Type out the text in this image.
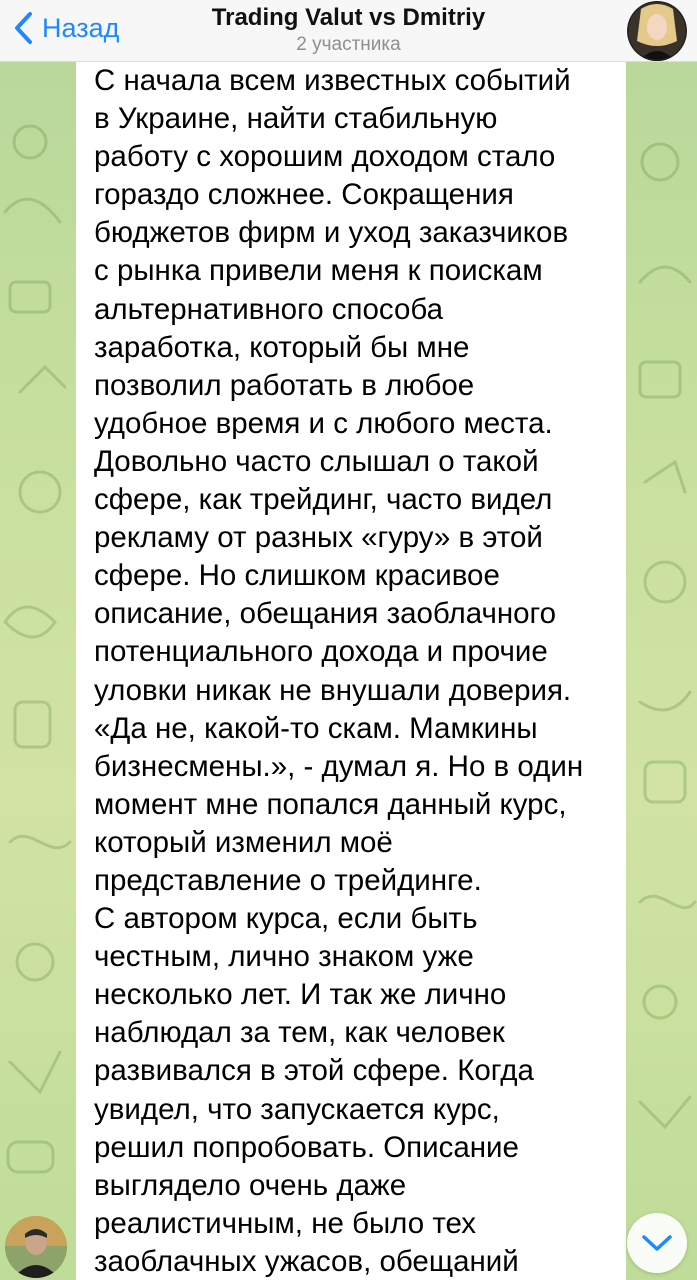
Назад	Trading Valut vs Dmitriy
2 участника
С начала всем известных событий
в Украине, найти стабильную
работу с хорошим доходом стало
гораздо сложнее. Сокращения
бюджетов фирм и уход заказчиков
с рынка привели меня к поискам
альтернативного способа
заработка, который бы мне
позволил работать в любое
удобное время и с любого места.
Довольно часто слышал о такой
сфере, как трейдинг, часто видел
рекламу от разных «гуру» в этой
сфере. Но слишком красивое
описание, обещания заоблачного
потенциального дохода и прочие
уловки никак не внушали доверия.
«Да не, какой-то скам. Мамкины
бизнесмены.», - думал я. Но в один
момент мне попался данный курс,
который изменил моё
представление о трейдинге.
С автором курса, если быть
честным, лично знаком уже
несколько лет. И так же лично
наблюдал за тем, как человек
развивался в этой сфере. Когда
увидел, что запускается курс,
решил попробовать. Описание
выглядело очень даже
реалистичным, не было тех
заоблачных ужасов, обещаний
